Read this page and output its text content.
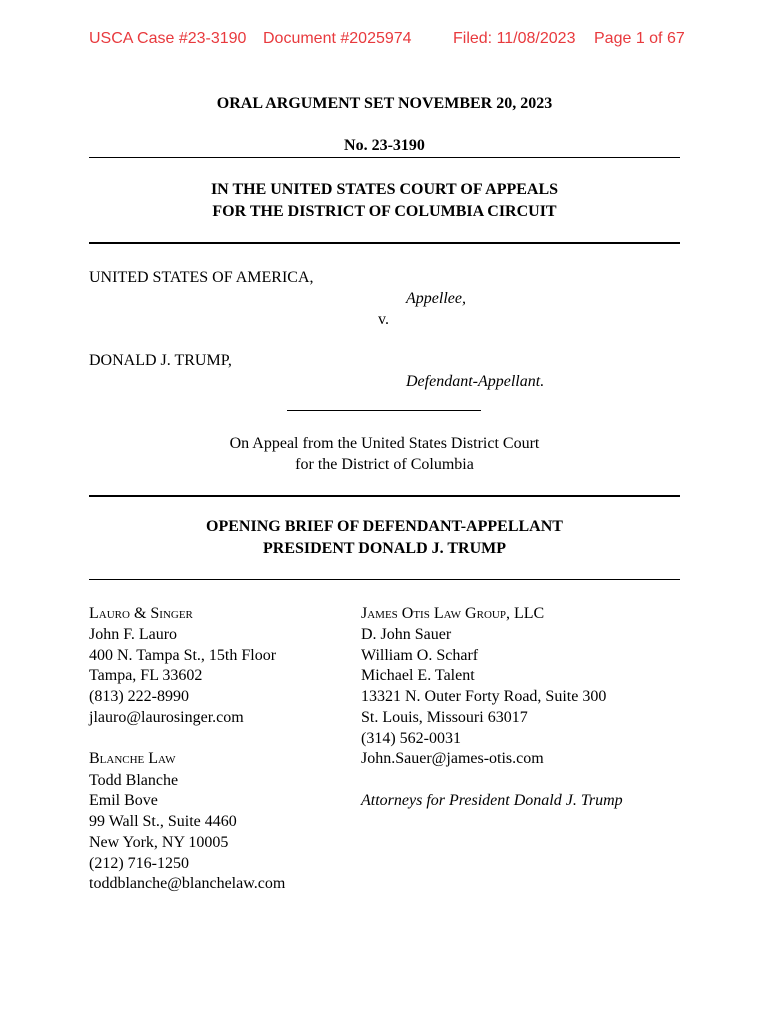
USCA Case #23-3190 Document #2025974	Filed: 11/08/2023 Page 1 of 67
ORAL ARGUMENT SET NOVEMBER 20, 2023
No. 23-3190
IN THE UNITED STATES COURT OF APPEALS
FOR THE DISTRICT OF COLUMBIA CIRCUIT
UNITED STATES OF AMERICA,
Appellee,
v.
DONALD J. TRUMP,
Defendant-Appellant.
On Appeal from the United States District Court
for the District of Columbia
OPENING BRIEF OF DEFENDANT-APPELLANT
PRESIDENT DONALD J. TRUMP
Lauro & Singer
John F. Lauro
400 N. Tampa St., 15th Floor
Tampa, FL 33602
(813) 222-8990
jlauro@laurosinger.com
Blanche Law
Todd Blanche
Emil Bove
99 Wall St., Suite 4460
New York, NY 10005
(212) 716-1250
toddblanche@blanchelaw.com
James Otis Law Group, LLC
D. John Sauer
William O. Scharf
Michael E. Talent
13321 N. Outer Forty Road, Suite 300
St. Louis, Missouri 63017
(314) 562-0031
John.Sauer@james-otis.com
Attorneys for President Donald J. Trump
